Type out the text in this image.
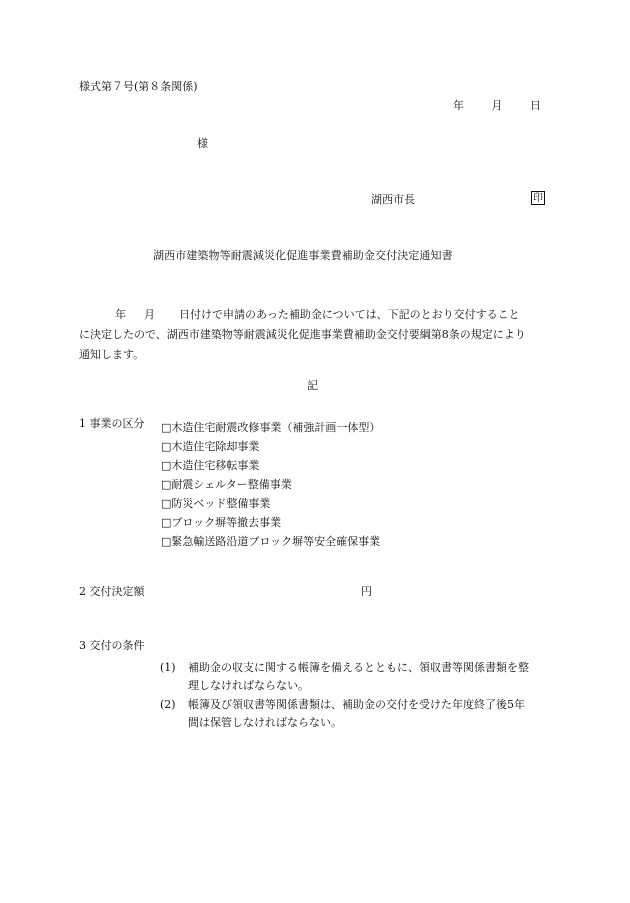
様式第７号(第８条関係)
年	月	日
様
湖西市長	印
湖西市建築物等耐震減災化促進事業費補助金交付決定通知書
年 月 日付けで申請のあった補助金については、下記のとおり交付すること
に決定したので、湖西市建築物等耐震減災化促進事業費補助金交付要綱第8条の規定により
通知します。
記
1 事業の区分 □木造住宅耐震改修事業（補強計画一体型）
□木造住宅除却事業
□木造住宅移転事業
□耐震シェルター整備事業
□防災ベッド整備事業
□ブロック塀等撤去事業
□緊急輸送路沿道ブロック塀等安全確保事業
2 交付決定額	円
3 交付の条件
(1) 補助金の収支に関する帳簿を備えるとともに、領収書等関係書類を整
理しなければならない。
(2) 帳簿及び領収書等関係書類は、補助金の交付を受けた年度終了後5年
間は保管しなければならない。
